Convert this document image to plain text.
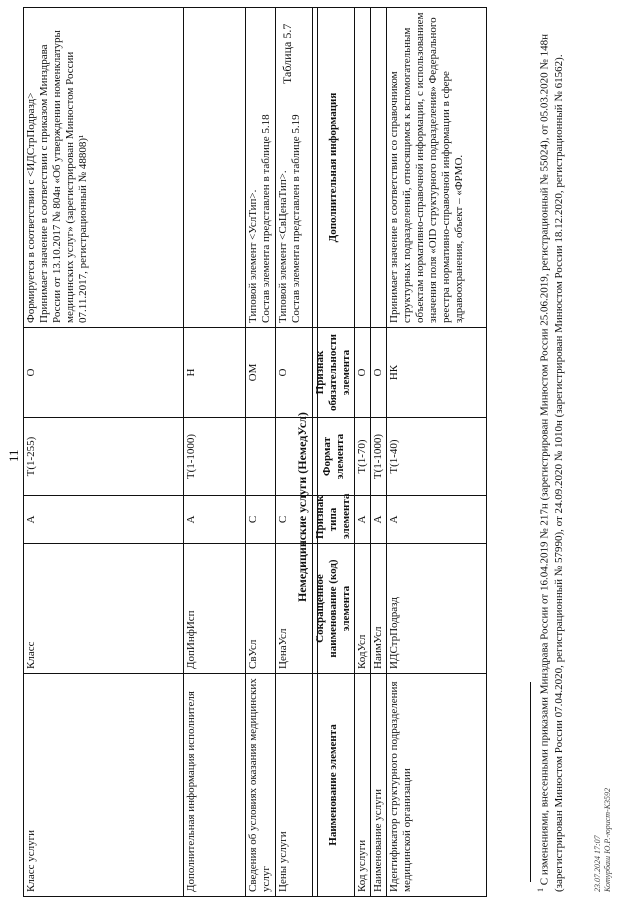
11
Класс услуги	Класс	A	T(1-255)	O	Формируется в соответствии с <ИДСтрПодразд>
Принимает значение в соответствии с приказом Минздрава России от 13.10.2017 № 804н «Об утверждении номенклатуры медицинских услуг» (зарегистрирован Минюстом России 07.11.2017, регистрационный № 48808)¹
Дополнительная информация исполнителя	ДопИнфИсп	A	T(1-1000)	Н	
Сведения об условиях оказания медицинских услуг	СвУсл	С		ОМ	Типовой элемент <УслТип>.
Состав элемента представлен в таблице 5.18
Цены услуги	ЦенаУсл	С		O	Типовой элемент <СвЦенаТип>.
Состав элемента представлен в таблице 5.19
Таблица 5.7
Немедицинские услуги (НемедУсл)
Наименование элемента	Сокращенное наименование (код) элемента	Признак типа элемента	Формат элемента	Признак обязательности элемента	Дополнительная информация
Код услуги	КодУсл	A	T(1-70)	O	
Наименование услуги	НаимУсл	A	T(1-1000)	O	
Идентификатор структурного подразделения медицинской организации	ИДСтрПодразд	A	T(1-40)	НК	Принимает значение в соответствии со справочником структурных подразделений, относящимся к вспомогательным объектам нормативно-справочной информации, с использованием значения поля «OID структурного подразделения» Федерального реестра нормативно-справочной информации в сфере здравоохранения, объект – «ФРМО.
$^1$ С изменениями, внесенными приказами Минздрава России от 16.04.2019 № 217н (зарегистрирован Минюстом России 25.06.2019, регистрационный № 55024), от 05.03.2020 № 148н (зарегистрирован Минюстом России 07.04.2020, регистрационный № 57990), от 24.09.2020 № 1010н (зарегистрирован Минюстом России 18.12.2020, регистрационный № 61562).	23.07.2024 17:07 Котурбаш Ю.Р.-юрист-К3592
